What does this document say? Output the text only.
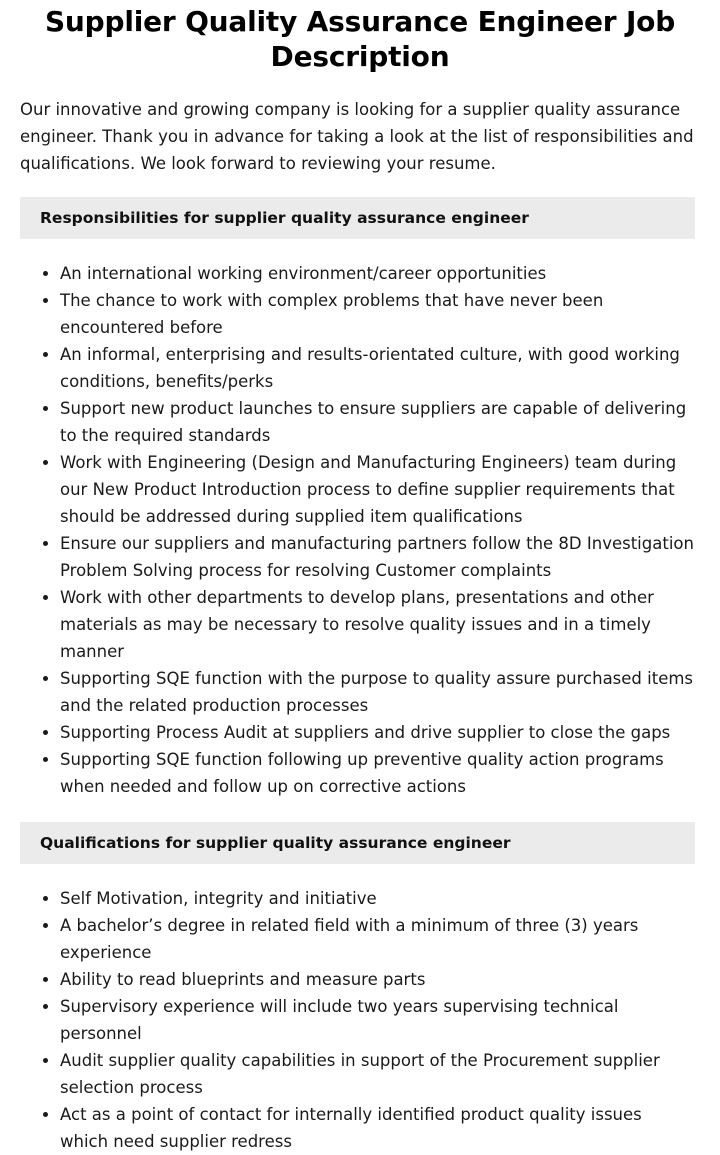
Supplier Quality Assurance Engineer Job Description

Our innovative and growing company is looking for a supplier quality assurance engineer. Thank you in advance for taking a look at the list of responsibilities and qualifications. We look forward to reviewing your resume.

Responsibilities for supplier quality assurance engineer
An international working environment/career opportunities
The chance to work with complex problems that have never been encountered before
An informal, enterprising and results-orientated culture, with good working conditions, benefits/perks
Support new product launches to ensure suppliers are capable of delivering to the required standards
Work with Engineering (Design and Manufacturing Engineers) team during our New Product Introduction process to define supplier requirements that should be addressed during supplied item qualifications
Ensure our suppliers and manufacturing partners follow the 8D Investigation Problem Solving process for resolving Customer complaints
Work with other departments to develop plans, presentations and other materials as may be necessary to resolve quality issues and in a timely manner
Supporting SQE function with the purpose to quality assure purchased items and the related production processes
Supporting Process Audit at suppliers and drive supplier to close the gaps
Supporting SQE function following up preventive quality action programs when needed and follow up on corrective actions
Qualifications for supplier quality assurance engineer
Self Motivation, integrity and initiative
A bachelor’s degree in related field with a minimum of three (3) years experience
Ability to read blueprints and measure parts
Supervisory experience will include two years supervising technical personnel
Audit supplier quality capabilities in support of the Procurement supplier selection process
Act as a point of contact for internally identified product quality issues which need supplier redress
